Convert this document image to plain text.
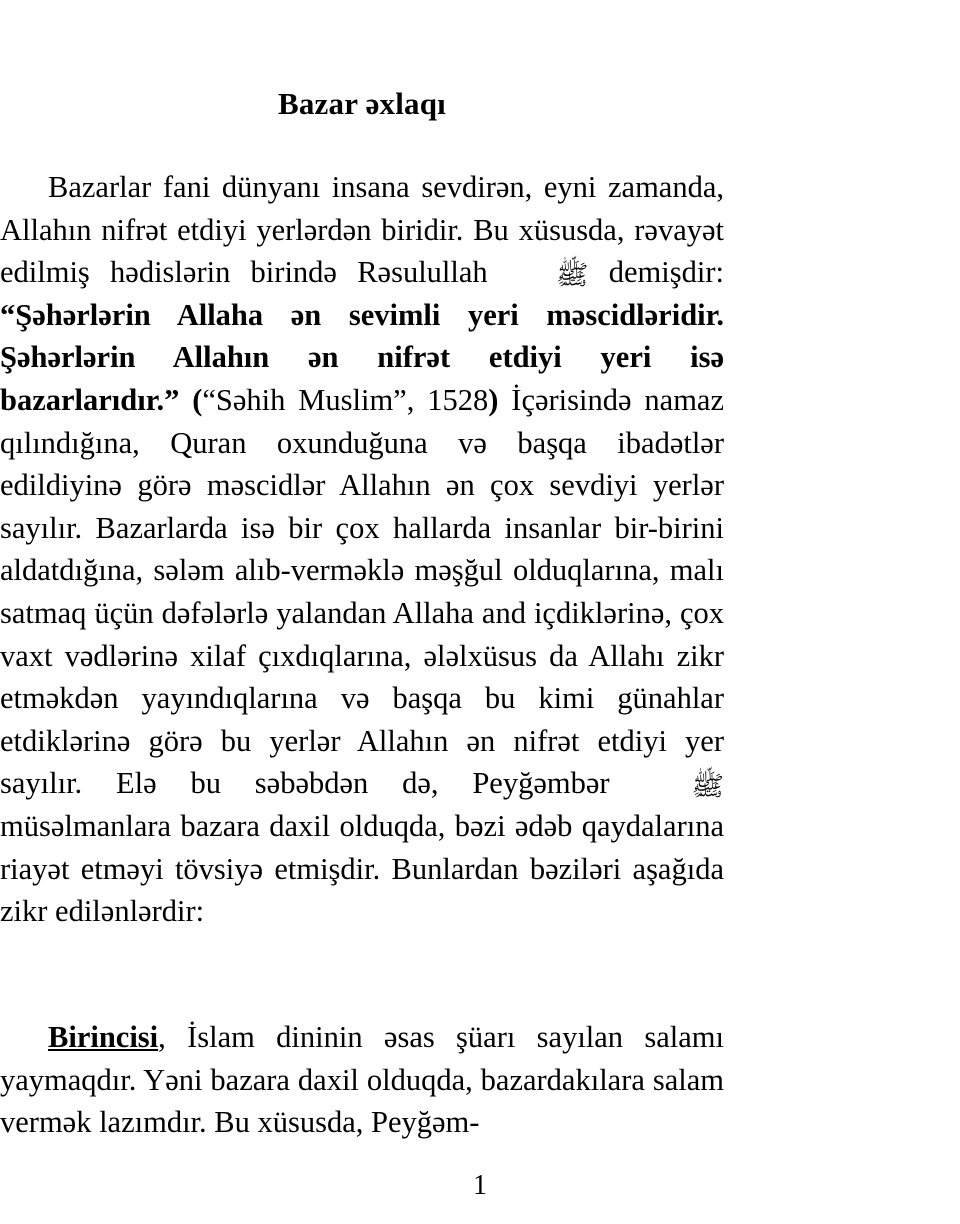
Bazar əxlaqı

Bazarlar fani dünyanı insana sevdirən, eyni zamanda, Allahın nifrət etdiyi yerlərdən biridir. Bu xüsusda, rəvayət edilmiş hədislərin birində Rəsulullah ﷺ demişdir: “Şəhərlərin Allaha ən sevimli yeri məscidləridir. Şəhərlərin Allahın ən nifrət etdiyi yeri isə bazarlarıdır.” (“Səhih Muslim”, 1528) İçərisində namaz qılındığına, Quran oxunduğuna və başqa ibadətlər edildiyinə görə məscidlər Allahın ən çox sevdiyi yerlər sayılır. Bazarlarda isə bir çox hallarda insanlar bir-birini aldatdığına, sələm alıb-verməklə məşğul olduqlarına, malı satmaq üçün dəfələrlə yalandan Allaha and içdiklərinə, çox vaxt vədlərinə xilaf çıxdıqlarına, ələlxüsus da Allahı zikr etməkdən yayındıqlarına və başqa bu kimi günahlar etdiklərinə görə bu yerlər Allahın ən nifrət etdiyi yer sayılır. Elə bu səbəbdən də, Peyğəmbər ﷺ müsəlmanlara bazara daxil olduqda, bəzi ədəb qaydalarına riayət etməyi tövsiyə etmişdir. Bunlardan bəziləri aşağıda zikr edilənlərdir:

Birincisi, İslam dininin əsas şüarı sayılan salamı yaymaqdır. Yəni bazara daxil olduqda, bazardakılara salam vermək lazımdır. Bu xüsusda, Peyğəm-

1
